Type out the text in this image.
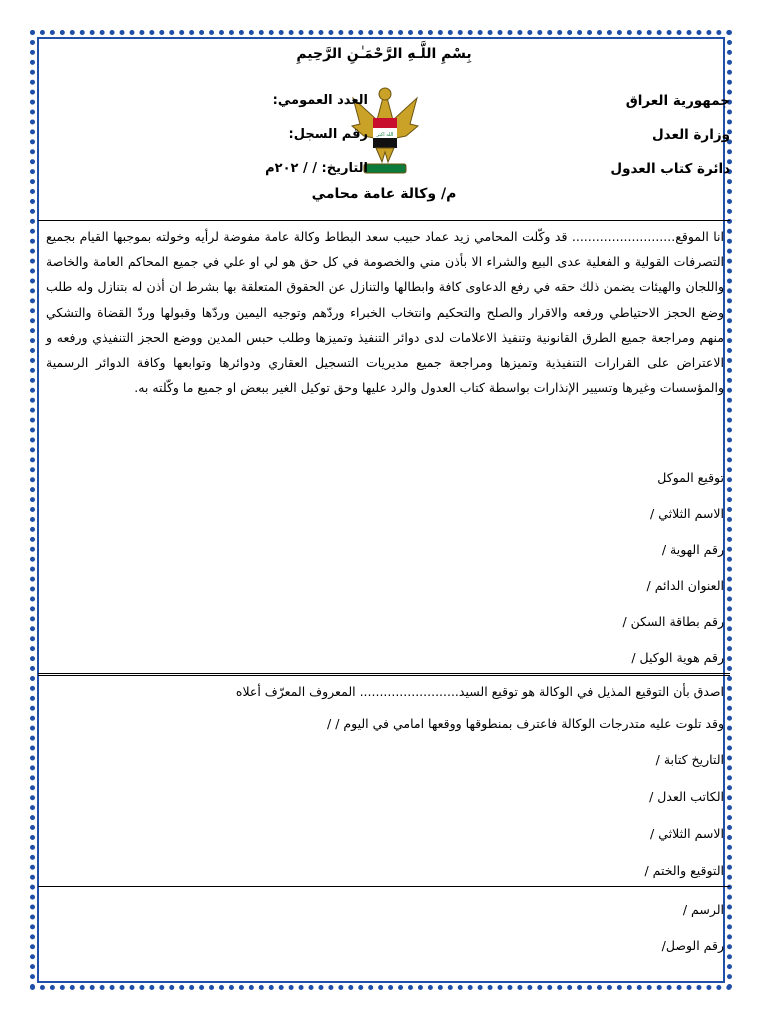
بِسْمِ اللَّـهِ الرَّحْمَـٰنِ الرَّحِيمِ
جمهورية العراق
وزارة العدل
دائرة كتاب العدول
الله اكبر
العدد العمومي:
رقم السجل:
التاريخ: / / ٢٠٢م
م/ وكالة عامة محامي
انا الموقع.......................... قد وكّلت المحامي زيد عماد حبيب سعد البطاط وكالة عامة مفوضة لرأيه وخولته بموجبها القيام بجميع التصرفات القولية و الفعلية عدى البيع والشراء الا بأذن مني والخصومة في كل حق هو لي او علي في جميع المحاكم العامة والخاصة واللجان والهيئات يضمن ذلك حقه في رفع الدعاوى كافة وابطالها والتنازل عن الحقوق المتعلقة بها بشرط ان أذن له بتنازل وله طلب وضع الحجز الاحتياطي ورفعه والاقرار والصلح والتحكيم وانتخاب الخبراء وردّهم وتوجيه اليمين وردّها وقبولها وردّ القضاة والتشكي منهم ومراجعة جميع الطرق القانونية وتنفيذ الاعلامات لدى دوائر التنفيذ وتميزها وطلب حبس المدين ووضع الحجز التنفيذي ورفعه و الاعتراض على القرارات التنفيذية وتميزها ومراجعة جميع مديريات التسجيل العقاري ودوائرها وتوابعها وكافة الدوائر الرسمية والمؤسسات وغيرها وتسيير الإنذارات بواسطة كتاب العدول والرد عليها وحق توكيل الغير ببعض او جميع ما وكّلته به.
توقيع الموكل
الاسم الثلاثي /
رقم الهوية /
العنوان الدائم /
رقم بطاقة السكن /
رقم هوية الوكيل /
اصدق بأن التوقيع المذيل في الوكالة هو توقيع السيد......................... المعروف المعرّف أعلاه
وقد تلوت عليه متدرجات الوكالة فاعترف بمنطوقها ووقعها امامي في اليوم / /
التاريخ كتابة /
الكاتب العدل /
الاسم الثلاثي /
التوقيع والختم /
الرسم /
رقم الوصل/
